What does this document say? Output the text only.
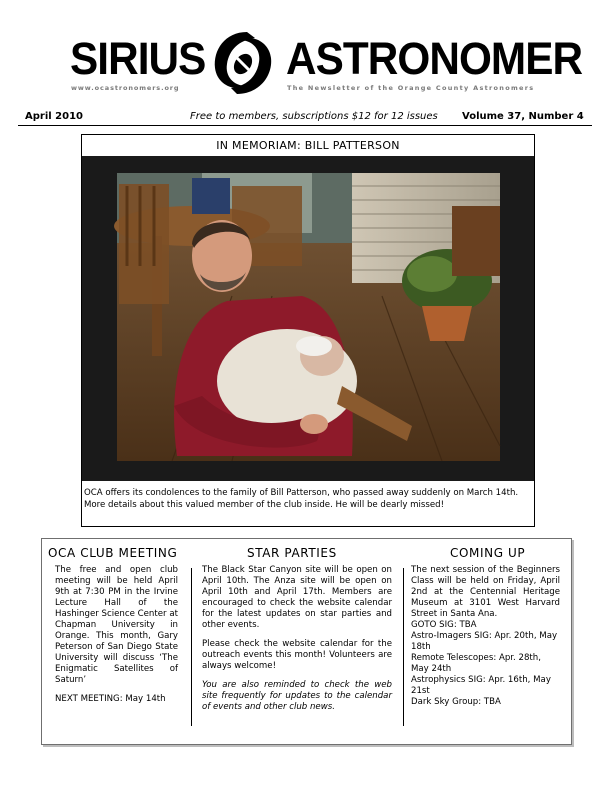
SIRIUS ASTRONOMER
www.ocastronomers.org	The Newsletter of the Orange County Astronomers
April 2010	Free to members, subscriptions $12 for 12 issues Volume 37, Number 4
IN MEMORIAM: BILL PATTERSON
OCA offers its condolences to the family of Bill Patterson, who passed away suddenly on March 14th. More details about this valued member of the club inside. He will be dearly missed!
OCA CLUB MEETING

The free and open club meeting will be held April 9th at 7:30 PM in the Irvine Lecture Hall of the Hashinger Science Center at Chapman University in Orange. This month, Gary Peterson of San Diego State University will discuss ‘The Enigmatic Satellites of Saturn’

NEXT MEETING: May 14th

STAR PARTIES

The Black Star Canyon site will be open on April 10th. The Anza site will be open on April 10th and April 17th. Members are encouraged to check the website calendar for the latest updates on star parties and other events.

Please check the website calendar for the outreach events this month! Volunteers are always welcome!

You are also reminded to check the web site frequently for updates to the calendar of events and other club news.

COMING UP

The next session of the Beginners Class will be held on Friday, April 2nd at the Centennial Heritage Museum at 3101 West Harvard Street in Santa Ana.

GOTO SIG: TBA

Astro-Imagers SIG: Apr. 20th, May 18th

Remote Telescopes: Apr. 28th, May 24th

Astrophysics SIG: Apr. 16th, May 21st

Dark Sky Group: TBA
